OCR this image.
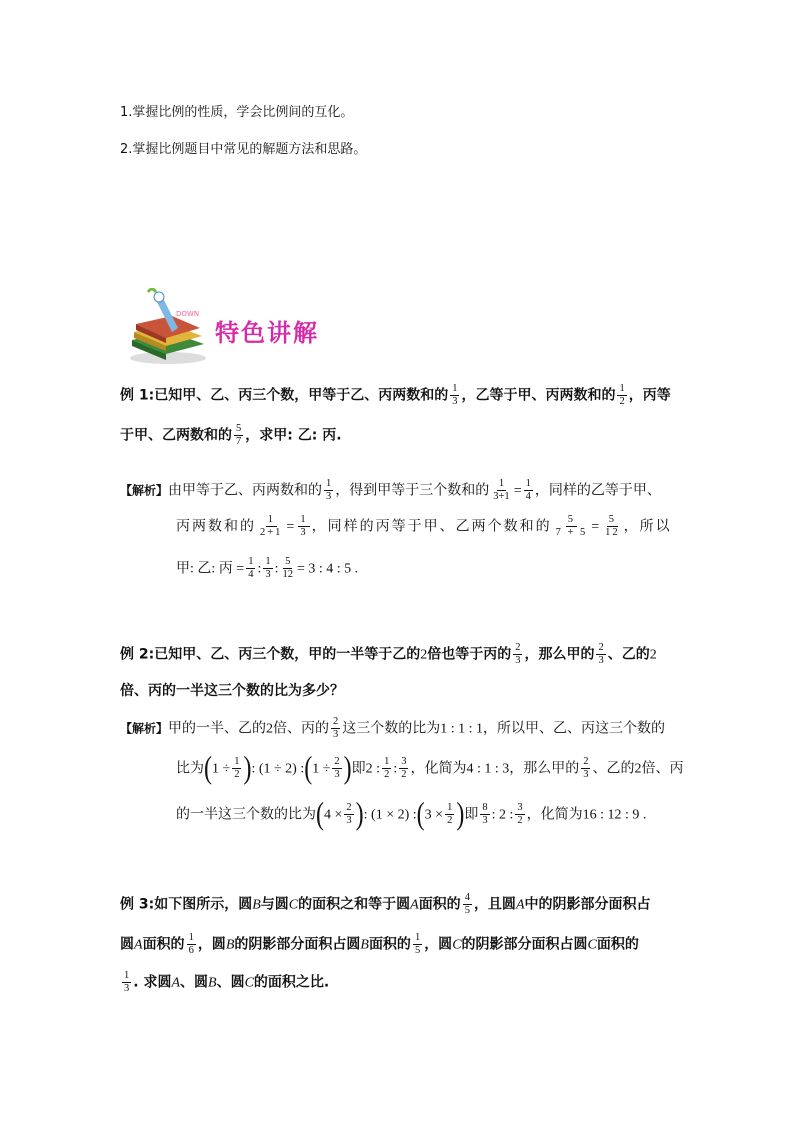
1.掌握比例的性质，学会比例间的互化。
2.掌握比例题目中常见的解题方法和思路。
DOWN
特色讲解
例 1:已知甲、乙、丙三个数，甲等于乙、丙两数和的 $\frac{1}{3}$ ，乙等于甲、丙两数和的 $\frac{1}{2}$ ，丙等
于甲、乙两数和的 $\frac{5}{7}$ ，求甲: 乙: 丙.
【解析】由甲等于乙、丙两数和的 $\frac{1}{3}$ ，得到甲等于三个数和的 $\frac{1}{3+1} = \frac{1}{4}$ ，同样的乙等于甲、
丙两数和的 $\frac{1}{2+1} = \frac{1}{3}$ ，同样的丙等于甲、乙两个数和的 $\frac{5}{7 + 5} = \frac{5}{12}$ ，所以
甲: 乙: 丙 = $\frac{1}{4}$ : $\frac{1}{3}$ : $\frac{5}{12} = 3$ : 4 : 5 .
例 2:已知甲、乙、丙三个数，甲的一半等于乙的2倍也等于丙的 $\frac{2}{3}$ ，那么甲的 $\frac{2}{3}$ 、乙的2
倍、丙的一半这三个数的比为多少？
【解析】甲的一半、乙的2倍、丙的 $\frac{2}{3}$ 这三个数的比为1 : 1 : 1，所以甲、乙、丙这三个数的
比为($1 \div \frac{1}{2}$ ): (1 ÷ 2) :(1 ÷ $\frac{2}{3}$ )即2 : $\frac{1}{2}$ : $\frac{3}{2}$ ，化简为4 : 1 : 3，那么甲的 $\frac{2}{3}$ 、乙的2倍、丙
的一半这三个数的比为($4 \times \frac{2}{3}$ ): (1 × 2) :(3 × $\frac{1}{2}$ )即 $\frac{8}{3}$ : 2 : $\frac{3}{2}$ ，化简为16 : 12 : 9 .
例 3:如下图所示，圆B与圆C的面积之和等于圆A面积的 $\frac{4}{5}$ ，且圆A中的阴影部分面积占
圆A面积的 $\frac{1}{6}$ ，圆B的阴影部分面积占圆B面积的 $\frac{1}{5}$ ，圆C的阴影部分面积占圆C面积的
$\frac{1}{3}$ . 求圆A、圆B、圆C的面积之比.
